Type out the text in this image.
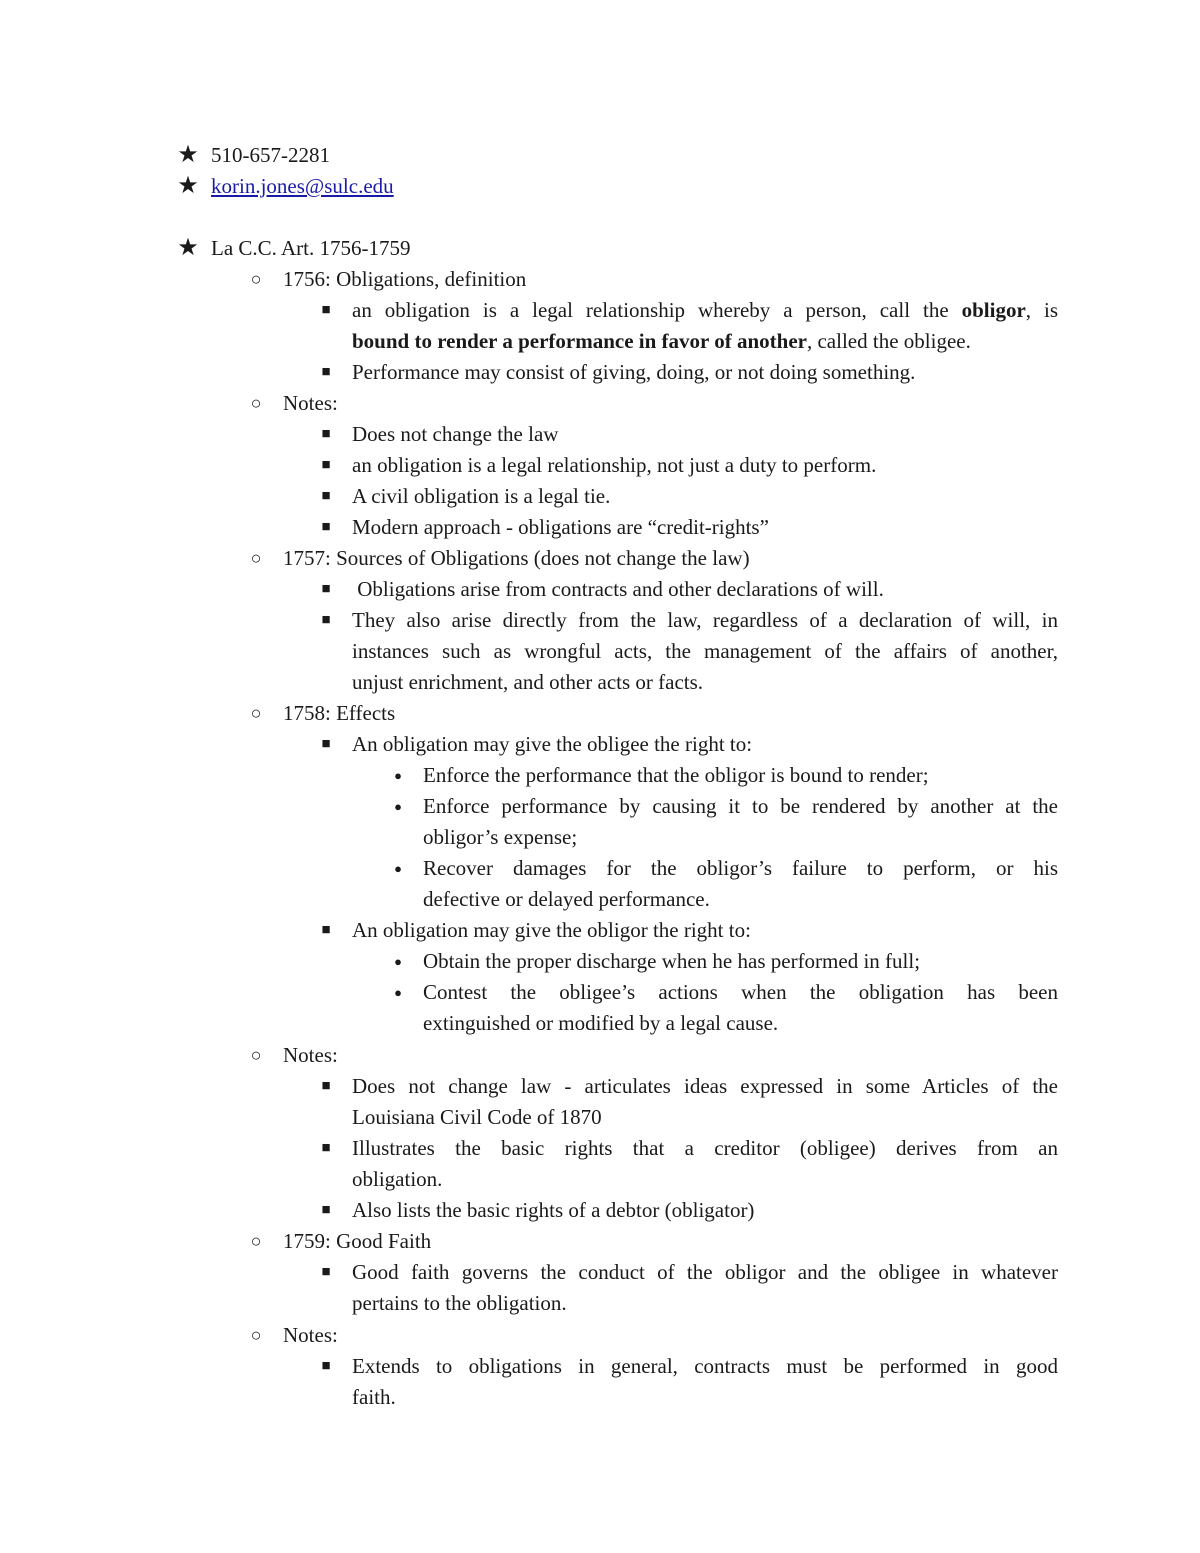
★ 510-657-2281
★ korin.jones@sulc.edu
★ La C.C. Art. 1756-1759
○	1756: Obligations, definition
■	an obligation is a legal relationship whereby a person, call the obligor, is
bound to render a performance in favor of another, called the obligee.
■	Performance may consist of giving, doing, or not doing something.
○	Notes:
■	Does not change the law
■	an obligation is a legal relationship, not just a duty to perform.
■	A civil obligation is a legal tie.
■	Modern approach - obligations are “credit-rights”
○	1757: Sources of Obligations (does not change the law)
■	Obligations arise from contracts and other declarations of will.
■	They also arise directly from the law, regardless of a declaration of will, in
instances such as wrongful acts, the management of the affairs of another,
unjust enrichment, and other acts or facts.
○	1758: Effects
■	An obligation may give the obligee the right to:
●	Enforce the performance that the obligor is bound to render;
●	Enforce performance by causing it to be rendered by another at the
obligor’s expense;
●	Recover damages for the obligor’s failure to perform, or his
defective or delayed performance.
■	An obligation may give the obligor the right to:
●	Obtain the proper discharge when he has performed in full;
●	Contest the obligee’s actions when the obligation has been
extinguished or modified by a legal cause.
○	Notes:
■	Does not change law - articulates ideas expressed in some Articles of the
Louisiana Civil Code of 1870
■	Illustrates the basic rights that a creditor (obligee) derives from an
obligation.
■	Also lists the basic rights of a debtor (obligator)
○	1759: Good Faith
■	Good faith governs the conduct of the obligor and the obligee in whatever
pertains to the obligation.
○	Notes:
■	Extends to obligations in general, contracts must be performed in good
faith.
